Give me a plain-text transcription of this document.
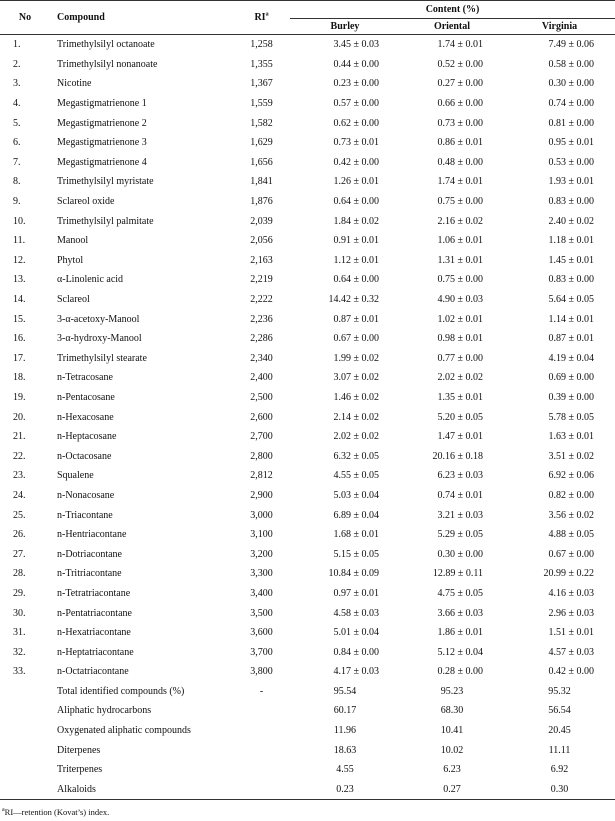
No	Compound	$RI^a$	Content (%)		
			Burley	Oriental	Virginia
1.	Trimethylsilyl octanoate	1,258	3.45 ± 0.03	1.74 ± 0.01	7.49 ± 0.06
2.	Trimethylsilyl nonanoate	1,355	0.44 ± 0.00	0.52 ± 0.00	0.58 ± 0.00
3.	Nicotine	1,367	0.23 ± 0.00	0.27 ± 0.00	0.30 ± 0.00
4.	Megastigmatrienone 1	1,559	0.57 ± 0.00	0.66 ± 0.00	0.74 ± 0.00
5.	Megastigmatrienone 2	1,582	0.62 ± 0.00	0.73 ± 0.00	0.81 ± 0.00
6.	Megastigmatrienone 3	1,629	0.73 ± 0.01	0.86 ± 0.01	0.95 ± 0.01
7.	Megastigmatrienone 4	1,656	0.42 ± 0.00	0.48 ± 0.00	0.53 ± 0.00
8.	Trimethylsilyl myristate	1,841	1.26 ± 0.01	1.74 ± 0.01	1.93 ± 0.01
9.	Sclareol oxide	1,876	0.64 ± 0.00	0.75 ± 0.00	0.83 ± 0.00
10.	Trimethylsilyl palmitate	2,039	1.84 ± 0.02	2.16 ± 0.02	2.40 ± 0.02
11.	Manool	2,056	0.91 ± 0.01	1.06 ± 0.01	1.18 ± 0.01
12.	Phytol	2,163	1.12 ± 0.01	1.31 ± 0.01	1.45 ± 0.01
13.	α-Linolenic acid	2,219	0.64 ± 0.00	0.75 ± 0.00	0.83 ± 0.00
14.	Sclareol	2,222	14.42 ± 0.32	4.90 ± 0.03	5.64 ± 0.05
15.	3-α-acetoxy-Manool	2,236	0.87 ± 0.01	1.02 ± 0.01	1.14 ± 0.01
16.	3-α-hydroxy-Manool	2,286	0.67 ± 0.00	0.98 ± 0.01	0.87 ± 0.01
17.	Trimethylsilyl stearate	2,340	1.99 ± 0.02	0.77 ± 0.00	4.19 ± 0.04
18.	n-Tetracosane	2,400	3.07 ± 0.02	2.02 ± 0.02	0.69 ± 0.00
19.	n-Pentacosane	2,500	1.46 ± 0.02	1.35 ± 0.01	0.39 ± 0.00
20.	n-Hexacosane	2,600	2.14 ± 0.02	5.20 ± 0.05	5.78 ± 0.05
21.	n-Heptacosane	2,700	2.02 ± 0.02	1.47 ± 0.01	1.63 ± 0.01
22.	n-Octacosane	2,800	6.32 ± 0.05	20.16 ± 0.18	3.51 ± 0.02
23.	Squalene	2,812	4.55 ± 0.05	6.23 ± 0.03	6.92 ± 0.06
24.	n-Nonacosane	2,900	5.03 ± 0.04	0.74 ± 0.01	0.82 ± 0.00
25.	n-Triacontane	3,000	6.89 ± 0.04	3.21 ± 0.03	3.56 ± 0.02
26.	n-Hentriacontane	3,100	1.68 ± 0.01	5.29 ± 0.05	4.88 ± 0.05
27.	n-Dotriacontane	3,200	5.15 ± 0.05	0.30 ± 0.00	0.67 ± 0.00
28.	n-Tritriacontane	3,300	10.84 ± 0.09	12.89 ± 0.11	20.99 ± 0.22
29.	n-Tetratriacontane	3,400	0.97 ± 0.01	4.75 ± 0.05	4.16 ± 0.03
30.	n-Pentatriacontane	3,500	4.58 ± 0.03	3.66 ± 0.03	2.96 ± 0.03
31.	n-Hexatriacontane	3,600	5.01 ± 0.04	1.86 ± 0.01	1.51 ± 0.01
32.	n-Heptatriacontane	3,700	0.84 ± 0.00	5.12 ± 0.04	4.57 ± 0.03
33.	n-Octatriacontane	3,800	4.17 ± 0.03	0.28 ± 0.00	0.42 ± 0.00
	Total identified compounds (%)	-	95.54	95.23	95.32
	Aliphatic hydrocarbons		60.17	68.30	56.54
	Oxygenated aliphatic compounds		11.96	10.41	20.45
	Diterpenes		18.63	10.02	11.11
	Triterpenes		4.55	6.23	6.92
	Alkaloids		0.23	0.27	0.30
$^a$RI—retention (Kovat’s) index.
